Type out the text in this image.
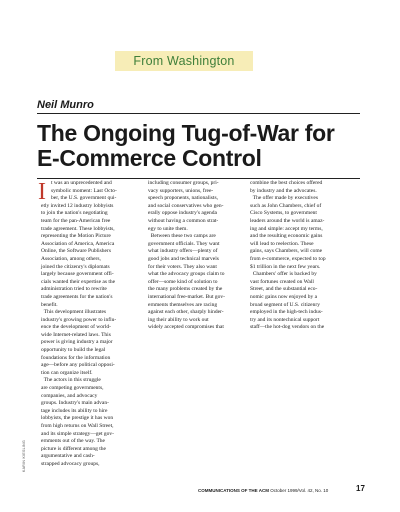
From Washington
Neil Munro
The Ongoing Tug-of-War for
E-Commerce Control
I t was an unprecedented and
symbolic moment: Last Octo-
ber, the U.S. government qui-
etly invited 12 industry lobbyists
to join the nation's negotiating
team for the pan-American free
trade agreement. These lobbyists,
representing the Motion Picture
Association of America, America
Online, the Software Publishers
Association, among others,
joined the citizenry's diplomats
largely because government offi-
cials wanted their expertise as the
administration tried to rewrite
trade agreements for the nation's
benefit.
This development illustrates
industry's growing power to influ-
ence the development of world-
wide Internet-related laws. This
power is giving industry a major
opportunity to build the legal
foundations for the information
age—before any political opposi-
tion can organize itself.
The actors in this struggle
are competing governments,
companies, and advocacy
groups. Industry's main advan-
tage includes its ability to hire
lobbyists, the prestige it has won
from high returns on Wall Street,
and its simple strategy—get gov-
ernments out of the way. The
picture is different among the
argumentative and cash-
strapped advocacy groups,
including consumer groups, pri-
vacy supporters, unions, free-
speech proponents, nationalists,
and social conservatives who gen-
erally oppose industry's agenda
without having a common strat-
egy to unite them.
Between these two camps are
government officials. They want
what industry offers—plenty of
good jobs and technical marvels
for their voters. They also want
what the advocacy groups claim to
offer—some kind of solution to
the many problems created by the
international free-market. But gov-
ernments themselves are racing
against each other, sharply hinder-
ing their ability to work out
widely accepted compromises that
combine the best choices offered
by industry and the advocates.
The offer made by executives
such as John Chambers, chief of
Cisco Systems, to government
leaders around the world is amaz-
ing and simple: accept my terms,
and the resulting economic gains
will lead to reelection. These
gains, says Chambers, will come
from e-commerce, expected to top
$1 trillion in the next few years.
Chambers' offer is backed by
vast fortunes created on Wall
Street, and the substantial eco-
nomic gains now enjoyed by a
broad segment of U.S. citizenry
employed in the high-tech indus-
try and its nontechnical support
staff—the hot-dog vendors on the
KARIN KIESLING
COMMUNICATIONS OF THE ACM October 1999/Vol. 42, No. 10	17
